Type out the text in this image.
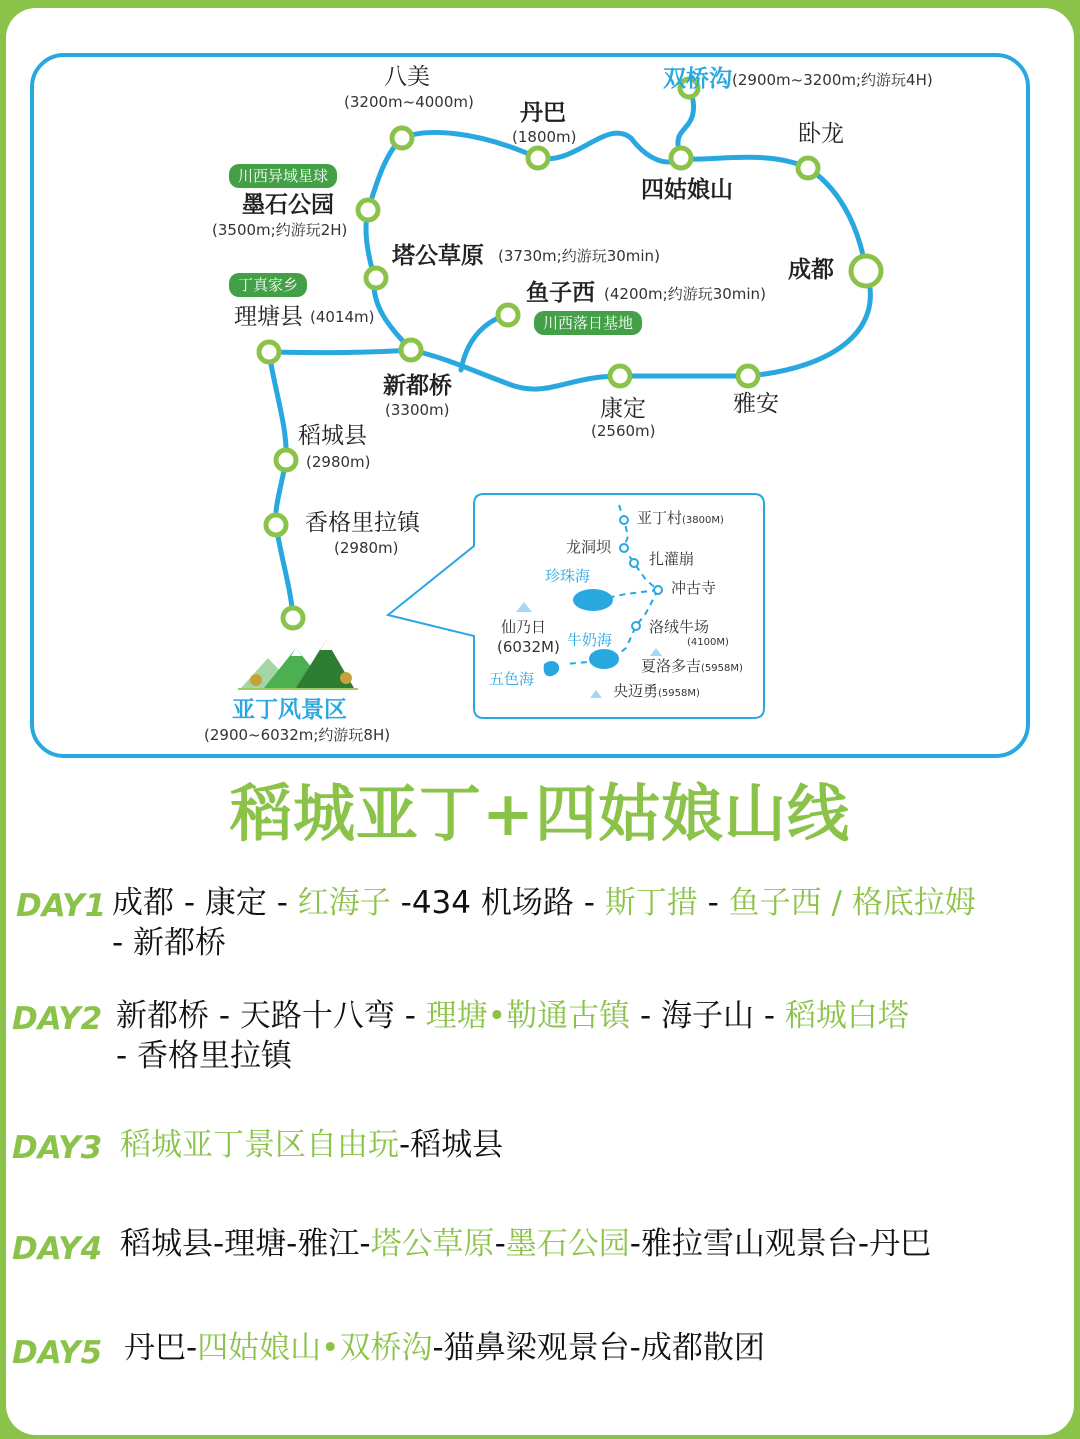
八美
(3200m~4000m) 丹巴
(1800m)
双桥沟 (2900m~3200m;约游玩4H)
卧龙
四姑娘山
川西异域星球
墨石公园
(3500m;约游玩2H)
塔公草原 (3730m;约游玩30min)
成都
鱼子西 (4200m;约游玩30min)
川西落日基地
丁真家乡
理塘县 (4014m)
新都桥
(3300m)	康定
(2560m)
雅安
稻城县
(2980m)
香格里拉镇
(2980m)
亚丁风景区
(2900~6032m;约游玩8H)
亚丁村(3800M)
龙洞坝
扎灌崩
珍珠海
冲古寺
仙乃日
(6032M) 牛奶海
洛绒牛场
(4100M)
夏洛多吉(5958M)
五色海
央迈勇(5958M)
稻城亚丁+四姑娘山线
DAY1 成都 - 康定 - 红海子 -434 机场路 - 斯丁措 - 鱼子西 / 格底拉姆
- 新都桥
DAY2 新都桥 - 天路十八弯 - 理塘•勒通古镇 - 海子山 - 稻城白塔
- 香格里拉镇
DAY3 稻城亚丁景区自由玩-稻城县
DAY4 稻城县-理塘-雅江-塔公草原-墨石公园-雅拉雪山观景台-丹巴
DAY5 丹巴-四姑娘山•双桥沟-猫鼻梁观景台-成都散团
